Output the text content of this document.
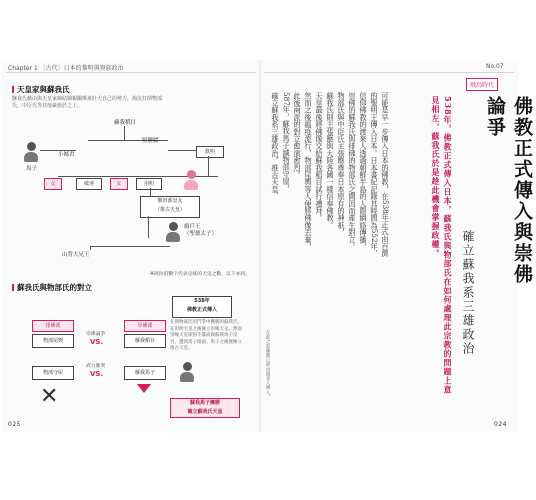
Chapter 1 〔古代〕日本的黎明與貴族政治
天皇家與蘇我氏
蘇我氏藉由與天皇家締結姻親關係來壯大自己的勢力，淘汰打倒物部氏，中臣氏等其他豪族於之上。
蘇我稻目
小姊君
堅鹽媛
馬子
欽明
女	敏達	女	用明
額田部皇女
（推古天皇）
廄戶王
（聖德太子）
山背大兄王
※阿拉伯數字代表皇統的天皇之數，以下亦同。
蘇我氏與物部氏的對立
538年
佛教正式傳入
排佛派	崇佛派
物部尾輿
崇佛論爭
VS.	蘇我稻目
物部守屋
武力衝突
VS.	蘇我馬子
✕
在與物部氏的鬥爭中獲勝的蘇我氏，在用明天皇之後擁立崇峻天皇。然而崇峻天皇卻因不滿而與蘇我馬子反目，遭到馬子暗殺。馬子之後便擁立推古天皇。
蘇我馬子擁勝
確立蘇我氏天皇
025
No.07
飛鳥時代
佛教正式傳入與崇佛論爭
確立蘇我系三雄政治
538年，佛教正式傳入日本，蘇我氏與物部氏在如何處理此宗教的問題上意見相左，蘇我氏於是趁此機會掌握政權。
可能是早一步傳入日本的佛教，在538年正式由百濟
的聖明王傳入日本。日本書紀記錄其時間為552年，
信仰佛教的渡來人透過朝鮮半島的人際網絡傳播，
崇佛的蘇我氏與排佛的物部氏之間因而產生對立。
物部氏與中臣氏主張應尊奉日本原有的神祇，
蘇我氏則主張應與大陸各國一樣信奉佛教。
天皇最後將佛像交給蘇我稻目試行禮拜。
然而之後瘟疫流行，物部尾輿等人便將佛像丟棄，
此後兩派的對立愈演愈烈。
587年，蘇我馬子滅物部守屋，
確立蘇我系三雄政治，推古天皇、
在此之前佛教已經由渡來人傳入。
024
